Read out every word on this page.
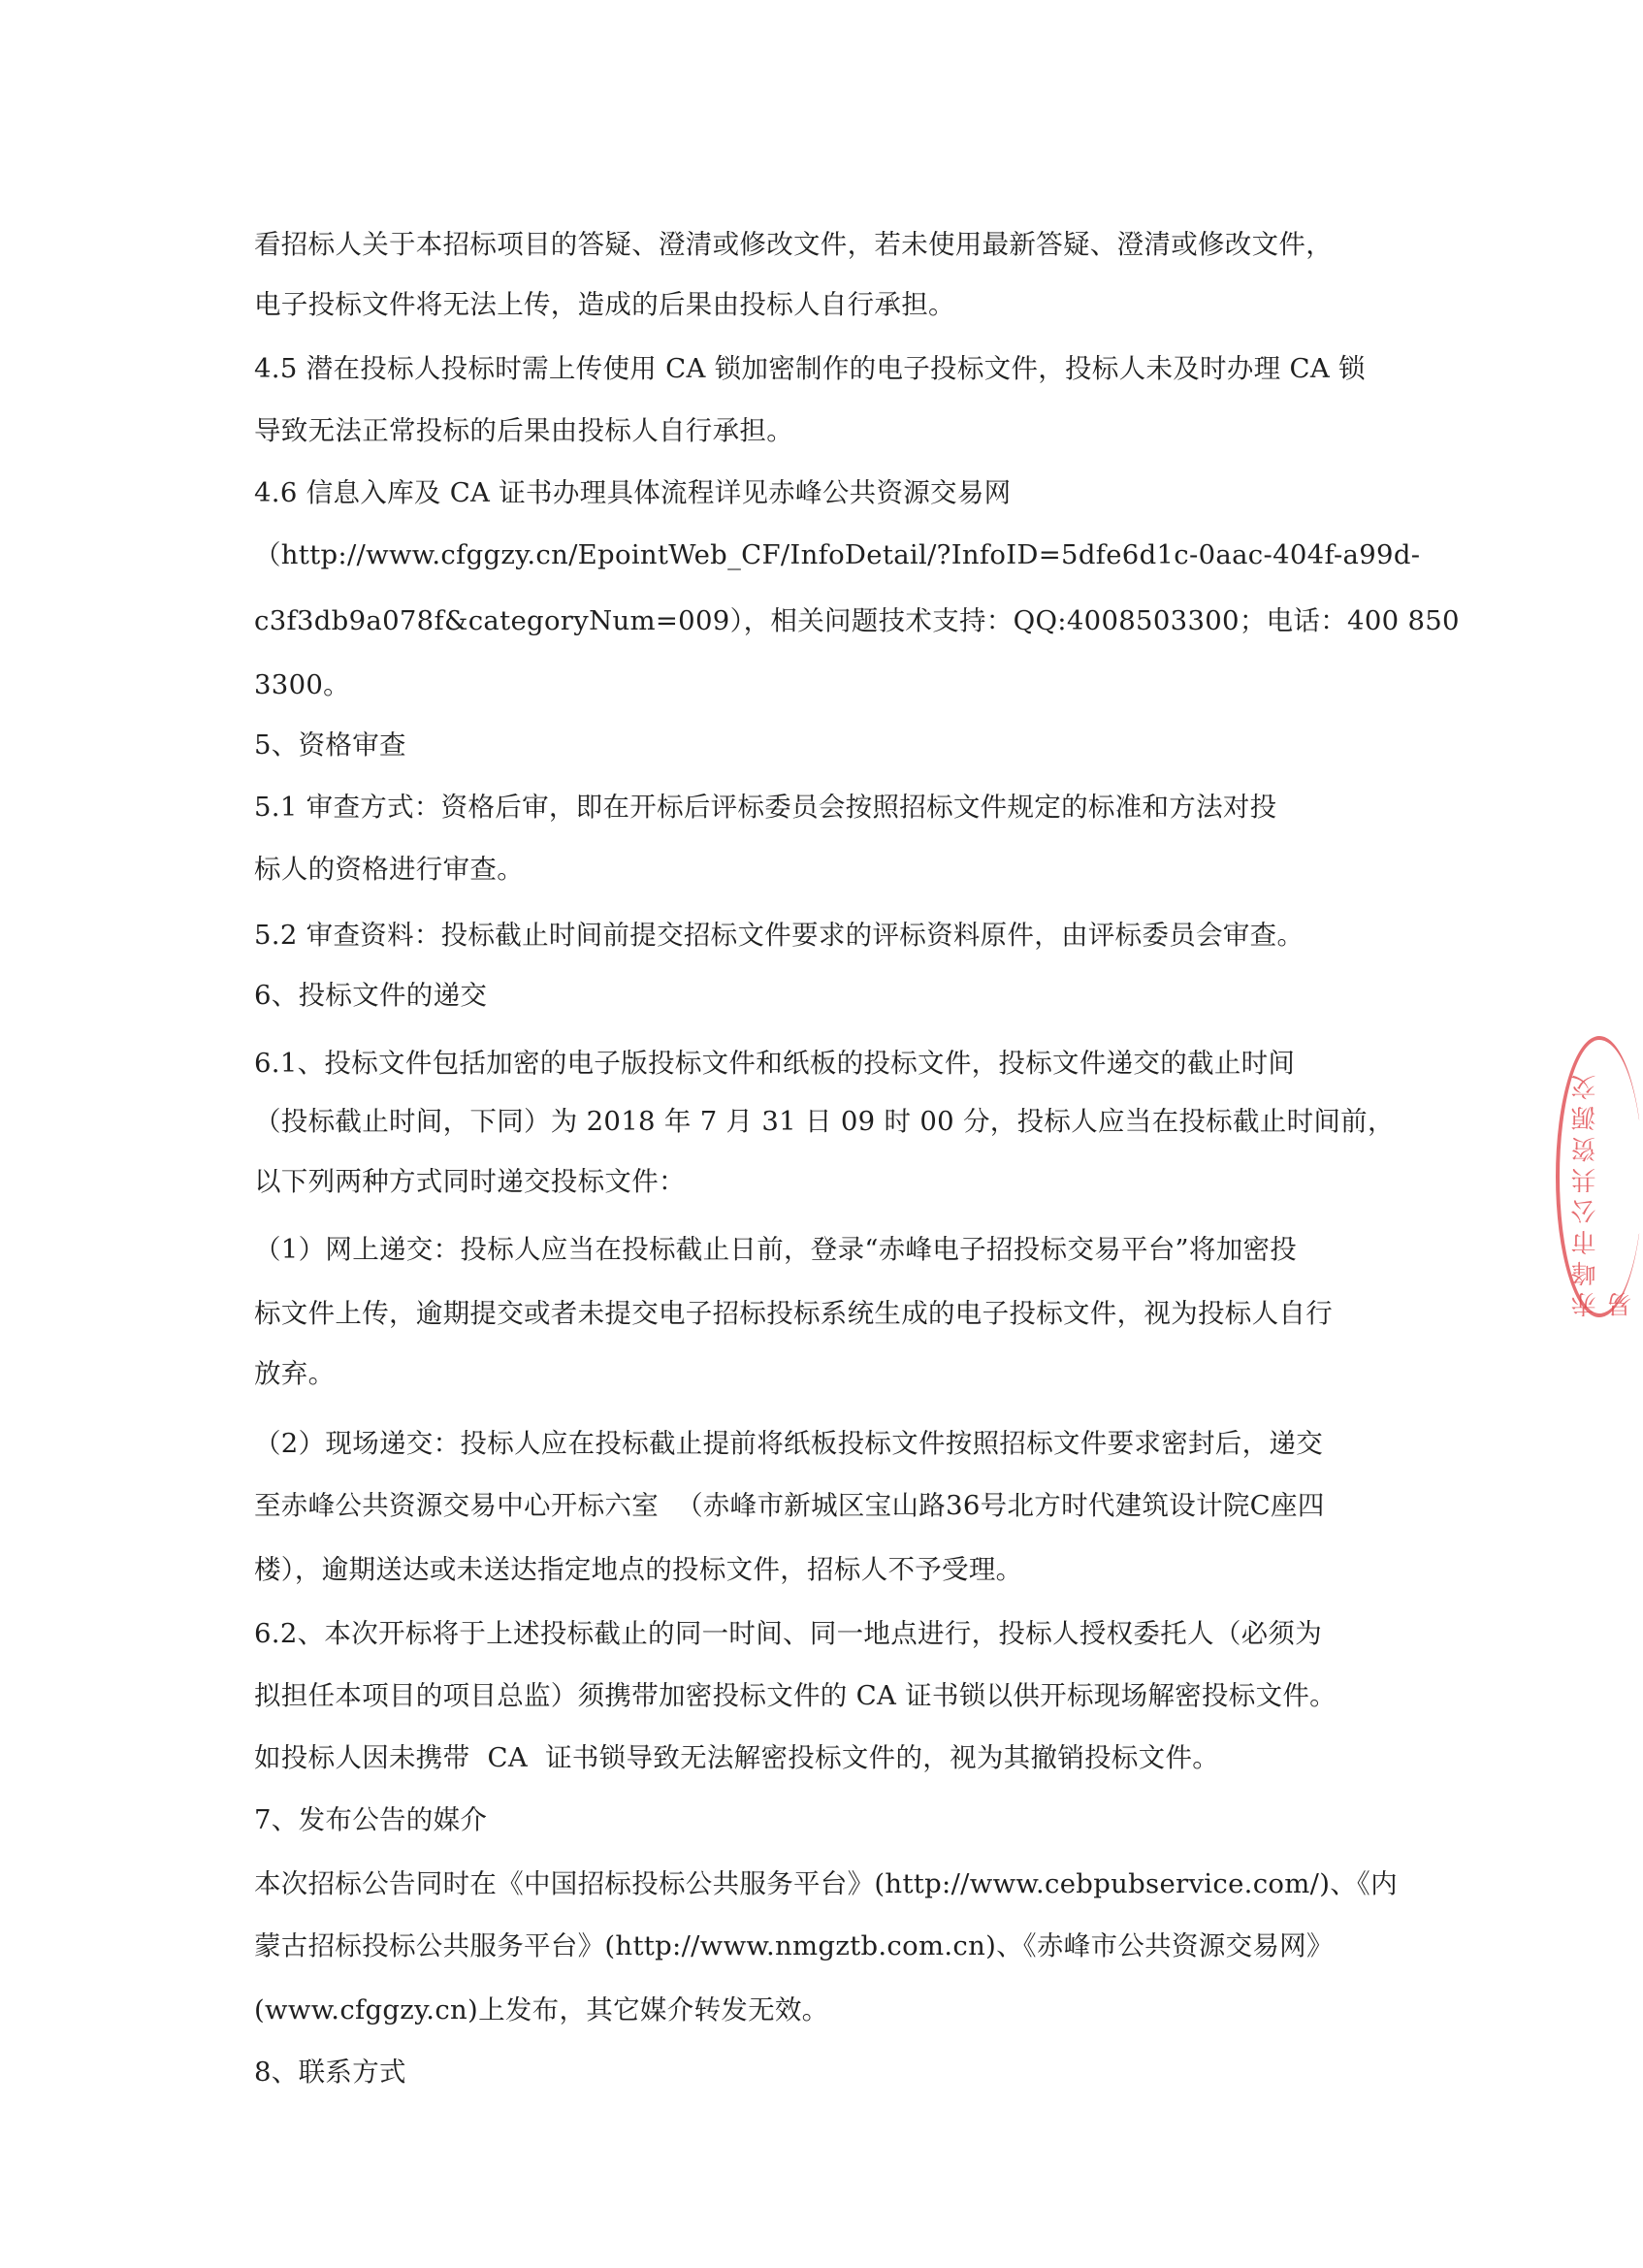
看招标人关于本招标项目的答疑、澄清或修改文件，若未使用最新答疑、澄清或修改文件，
电子投标文件将无法上传，造成的后果由投标人自行承担。
4.5 潜在投标人投标时需上传使用 CA 锁加密制作的电子投标文件，投标人未及时办理 CA 锁
导致无法正常投标的后果由投标人自行承担。
4.6 信息入库及 CA 证书办理具体流程详见赤峰公共资源交易网
（http://www.cfggzy.cn/EpointWeb_CF/InfoDetail/?InfoID=5dfe6d1c-0aac-404f-a99d-
c3f3db9a078f&categoryNum=009），相关问题技术支持：QQ:4008503300；电话：400 850
3300。
5、资格审查
5.1 审查方式：资格后审，即在开标后评标委员会按照招标文件规定的标准和方法对投
标人的资格进行审查。
5.2 审查资料：投标截止时间前提交招标文件要求的评标资料原件，由评标委员会审查。
6、投标文件的递交
6.1、投标文件包括加密的电子版投标文件和纸板的投标文件，投标文件递交的截止时间
（投标截止时间，下同）为 2018 年 7 月 31 日 09 时 00 分，投标人应当在投标截止时间前，
以下列两种方式同时递交投标文件：
（1）网上递交：投标人应当在投标截止日前，登录“赤峰电子招投标交易平台”将加密投
标文件上传，逾期提交或者未提交电子招标投标系统生成的电子投标文件，视为投标人自行
放弃。
（2）现场递交：投标人应在投标截止提前将纸板投标文件按照招标文件要求密封后，递交
至赤峰公共资源交易中心开标六室  （赤峰市新城区宝山路36号北方时代建筑设计院C座四
楼），逾期送达或未送达指定地点的投标文件，招标人不予受理。
6.2、本次开标将于上述投标截止的同一时间、同一地点进行，投标人授权委托人（必须为
拟担任本项目的项目总监）须携带加密投标文件的 CA 证书锁以供开标现场解密投标文件。
如投标人因未携带  CA  证书锁导致无法解密投标文件的，视为其撤销投标文件。
7、发布公告的媒介
本次招标公告同时在《中国招标投标公共服务平台》(http://www.cebpubservice.com/)、《内
蒙古招标投标公共服务平台》(http://www.nmgztb.com.cn)、《赤峰市公共资源交易网》
(www.cfggzy.cn)上发布，其它媒介转发无效。
8、联系方式
赤峰市公共资源交易
